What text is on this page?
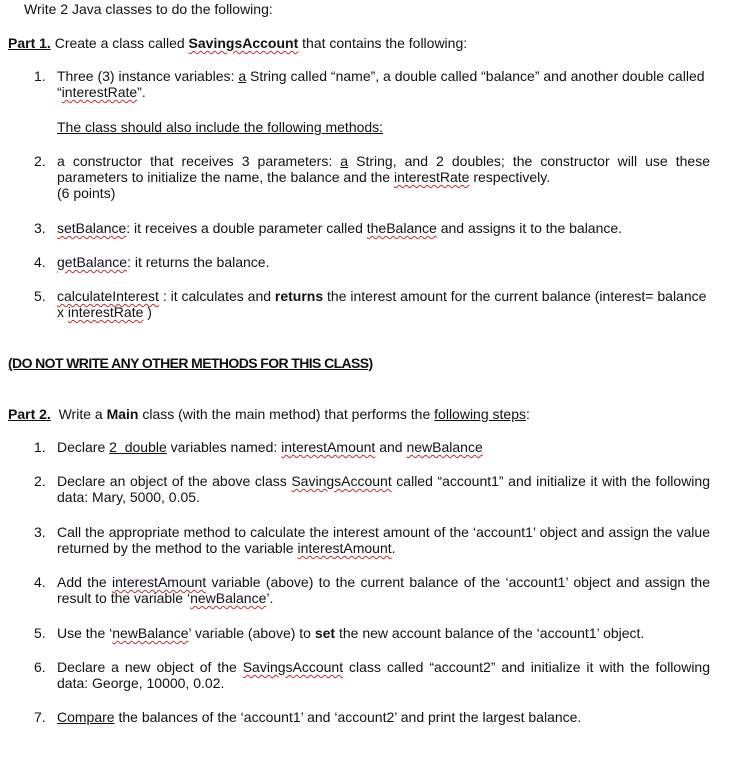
Write 2 Java classes to do the following:
Part 1. Create a class called SavingsAccount that contains the following:
1. Three (3) instance variables: a String called “name”, a double called “balance” and another double called “interestRate”.
The class should also include the following methods:
2. a constructor that receives 3 parameters: a String, and 2 doubles; the constructor will use these parameters to initialize the name, the balance and the interestRate respectively.
(6 points)
3. setBalance: it receives a double parameter called theBalance and assigns it to the balance.
4. getBalance: it returns the balance.
5. calculateInterest : it calculates and returns the interest amount for the current balance (interest= balance x interestRate )
(DO NOT WRITE ANY OTHER METHODS FOR THIS CLASS)
Part 2.  Write a Main class (with the main method) that performs the following steps:
1. Declare 2  double variables named: interestAmount and newBalance
2. Declare an object of the above class SavingsAccount called “account1” and initialize it with the following data: Mary, 5000, 0.05.
3. Call the appropriate method to calculate the interest amount of the ‘account1’ object and assign the value returned by the method to the variable interestAmount.
4. Add the interestAmount variable (above) to the current balance of the ‘account1’ object and assign the result to the variable ‘newBalance’.
5. Use the ‘newBalance’ variable (above) to set the new account balance of the ‘account1’ object.
6. Declare a new object of the SavingsAccount class called “account2” and initialize it with the following data: George, 10000, 0.02.
7. Compare the balances of the ‘account1’ and ‘account2’ and print the largest balance.
